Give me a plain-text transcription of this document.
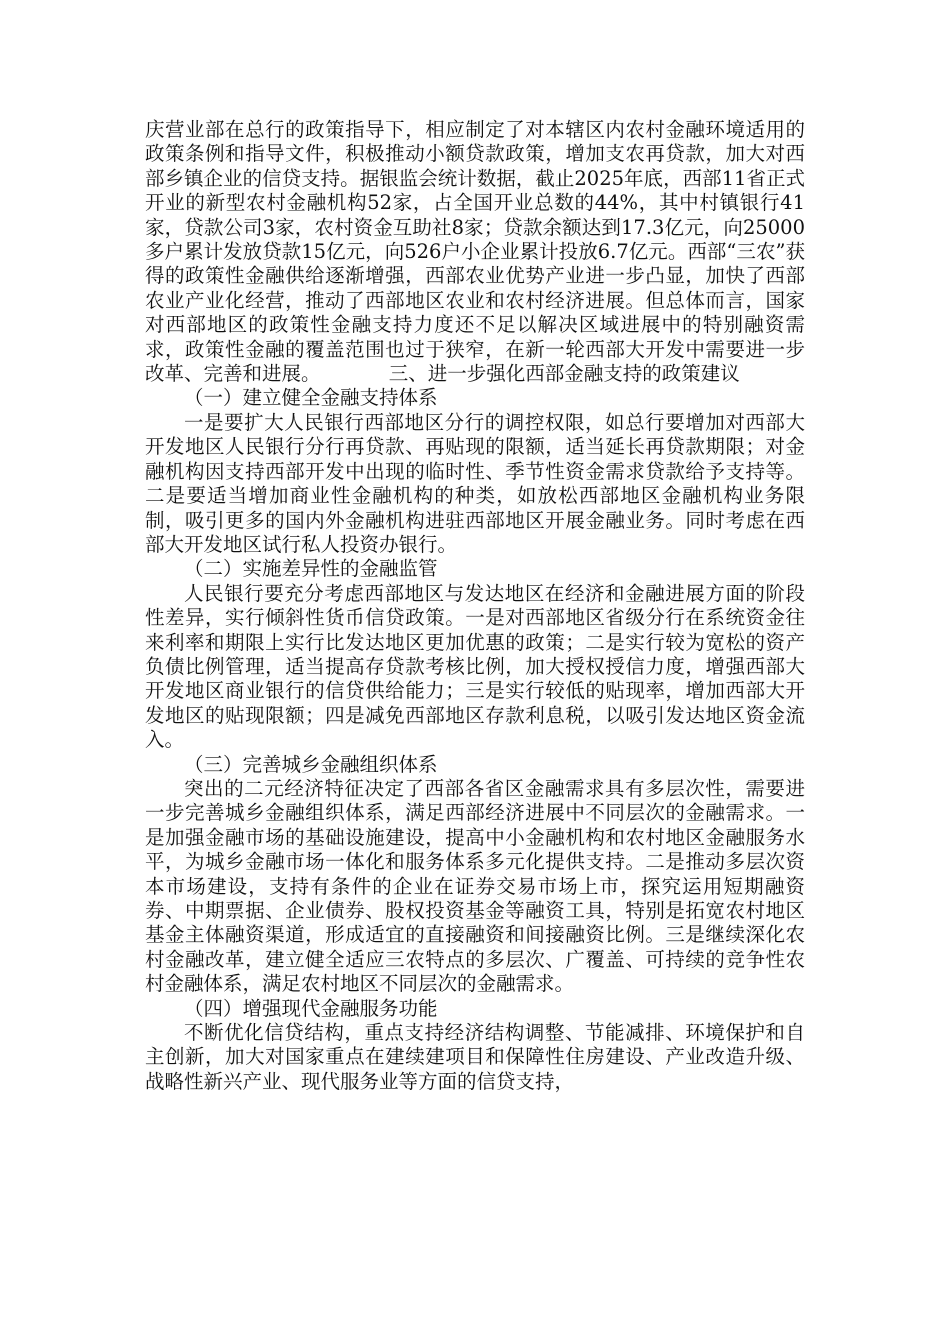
庆营业部在总行的政策指导下，相应制定了对本辖区内农村金融环境适用的政策条例和指导文件，积极推动小额贷款政策，增加支农再贷款，加大对西部乡镇企业的信贷支持。据银监会统计数据，截止2025年底，西部11省正式开业的新型农村金融机构52家，占全国开业总数的44%，其中村镇银行41家，贷款公司3家，农村资金互助社8家；贷款余额达到17.3亿元，向25000多户累计发放贷款15亿元，向526户小企业累计投放6.7亿元。西部“三农”获得的政策性金融供给逐渐增强，西部农业优势产业进一步凸显，加快了西部农业产业化经营，推动了西部地区农业和农村经济进展。但总体而言，国家对西部地区的政策性金融支持力度还不足以解决区域进展中的特别融资需求，政策性金融的覆盖范围也过于狭窄，在新一轮西部大开发中需要进一步改革、完善和进展。　　　　三、进一步强化西部金融支持的政策建议

（一）建立健全金融支持体系

一是要扩大人民银行西部地区分行的调控权限，如总行要增加对西部大开发地区人民银行分行再贷款、再贴现的限额，适当延长再贷款期限；对金融机构因支持西部开发中出现的临时性、季节性资金需求贷款给予支持等。二是要适当增加商业性金融机构的种类，如放松西部地区金融机构业务限制，吸引更多的国内外金融机构进驻西部地区开展金融业务。同时考虑在西部大开发地区试行私人投资办银行。

（二）实施差异性的金融监管

人民银行要充分考虑西部地区与发达地区在经济和金融进展方面的阶段性差异，实行倾斜性货币信贷政策。一是对西部地区省级分行在系统资金往来利率和期限上实行比发达地区更加优惠的政策；二是实行较为宽松的资产负债比例管理，适当提高存贷款考核比例，加大授权授信力度，增强西部大开发地区商业银行的信贷供给能力；三是实行较低的贴现率，增加西部大开发地区的贴现限额；四是减免西部地区存款利息税，以吸引发达地区资金流入。

（三）完善城乡金融组织体系

突出的二元经济特征决定了西部各省区金融需求具有多层次性，需要进一步完善城乡金融组织体系，满足西部经济进展中不同层次的金融需求。一是加强金融市场的基础设施建设，提高中小金融机构和农村地区金融服务水平，为城乡金融市场一体化和服务体系多元化提供支持。二是推动多层次资本市场建设，支持有条件的企业在证券交易市场上市，探究运用短期融资券、中期票据、企业债券、股权投资基金等融资工具，特别是拓宽农村地区基金主体融资渠道，形成适宜的直接融资和间接融资比例。三是继续深化农村金融改革，建立健全适应三农特点的多层次、广覆盖、可持续的竞争性农村金融体系，满足农村地区不同层次的金融需求。

（四）增强现代金融服务功能

不断优化信贷结构，重点支持经济结构调整、节能减排、环境保护和自主创新，加大对国家重点在建续建项目和保障性住房建设、产业改造升级、战略性新兴产业、现代服务业等方面的信贷支持，
